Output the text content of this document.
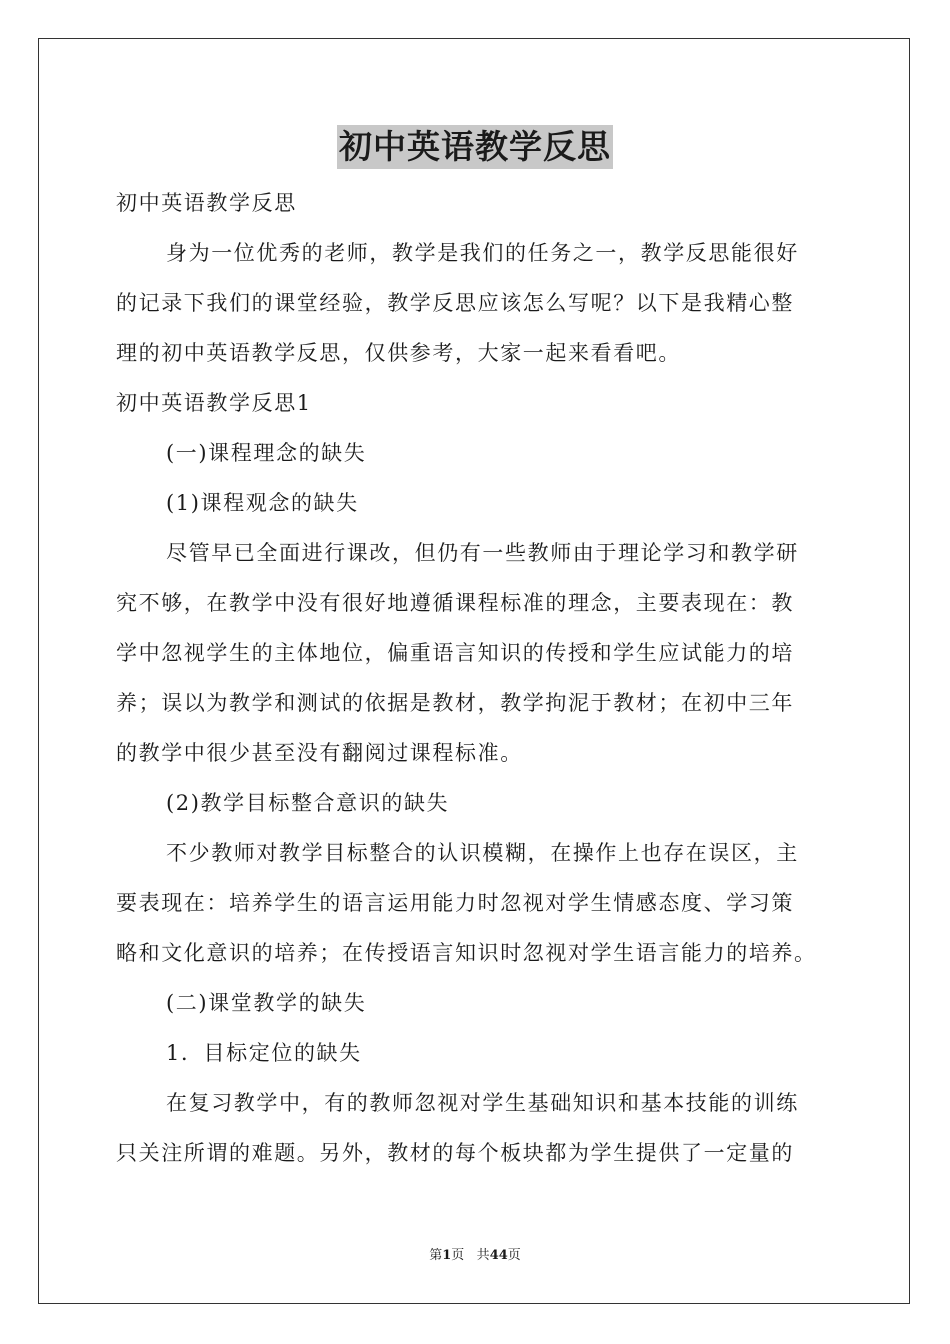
初中英语教学反思
初中英语教学反思
身为一位优秀的老师，教学是我们的任务之一，教学反思能很好
的记录下我们的课堂经验，教学反思应该怎么写呢？以下是我精心整
理的初中英语教学反思，仅供参考，大家一起来看看吧。
初中英语教学反思1
(一)课程理念的缺失
(1)课程观念的缺失
尽管早已全面进行课改，但仍有一些教师由于理论学习和教学研
究不够，在教学中没有很好地遵循课程标准的理念，主要表现在：教
学中忽视学生的主体地位，偏重语言知识的传授和学生应试能力的培
养；误以为教学和测试的依据是教材，教学拘泥于教材；在初中三年
的教学中很少甚至没有翻阅过课程标准。
(2)教学目标整合意识的缺失
不少教师对教学目标整合的认识模糊，在操作上也存在误区，主
要表现在：培养学生的语言运用能力时忽视对学生情感态度、学习策
略和文化意识的培养；在传授语言知识时忽视对学生语言能力的培养。
(二)课堂教学的缺失
1．目标定位的缺失
在复习教学中，有的教师忽视对学生基础知识和基本技能的训练
只关注所谓的难题。另外，教材的每个板块都为学生提供了一定量的
第1页 共44页
